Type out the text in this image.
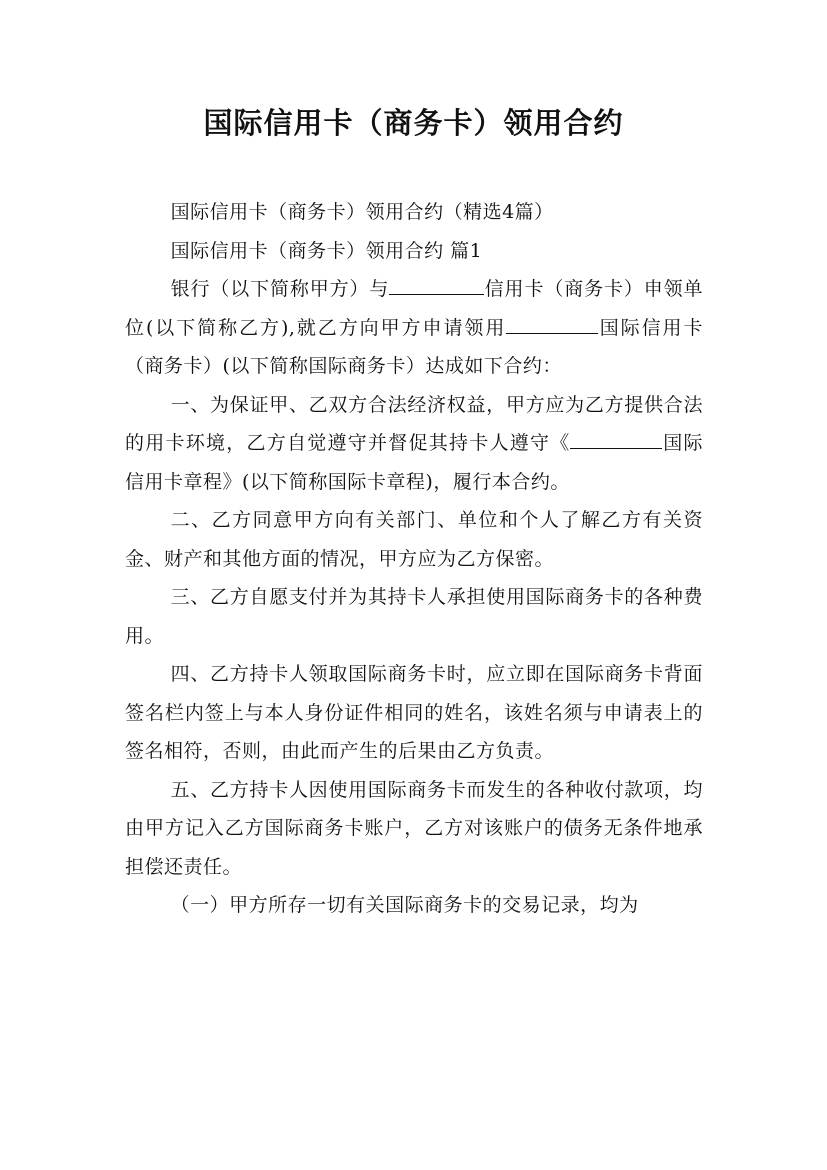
国际信用卡（商务卡）领用合约

国际信用卡（商务卡）领用合约（精选4篇）

国际信用卡（商务卡）领用合约 篇1

银行（以下简称甲方）与	信用卡（商务卡）申领单位(以下简称乙方),就乙方向甲方申请领用	国际信用卡（商务卡）(以下简称国际商务卡）达成如下合约：

一、为保证甲、乙双方合法经济权益，甲方应为乙方提供合法的用卡环境，乙方自觉遵守并督促其持卡人遵守《	国际信用卡章程》(以下简称国际卡章程)，履行本合约。

二、乙方同意甲方向有关部门、单位和个人了解乙方有关资金、财产和其他方面的情况，甲方应为乙方保密。

三、乙方自愿支付并为其持卡人承担使用国际商务卡的各种费用。

四、乙方持卡人领取国际商务卡时，应立即在国际商务卡背面签名栏内签上与本人身份证件相同的姓名，该姓名须与申请表上的签名相符，否则，由此而产生的后果由乙方负责。

五、乙方持卡人因使用国际商务卡而发生的各种收付款项，均由甲方记入乙方国际商务卡账户，乙方对该账户的债务无条件地承担偿还责任。

（一）甲方所存一切有关国际商务卡的交易记录，均为
